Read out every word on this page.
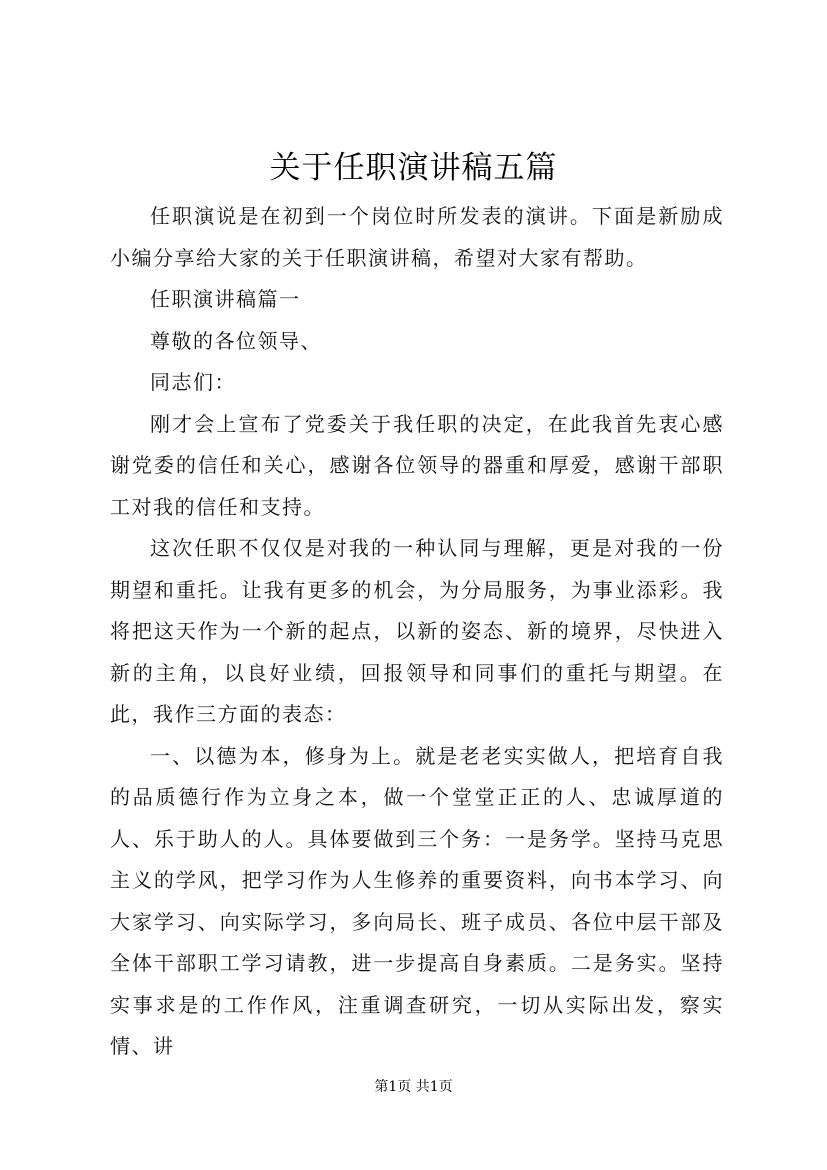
关于任职演讲稿五篇

任职演说是在初到一个岗位时所发表的演讲。下面是新励成小编分享给大家的关于任职演讲稿，希望对大家有帮助。

任职演讲稿篇一

尊敬的各位领导、

同志们：

刚才会上宣布了党委关于我任职的决定，在此我首先衷心感谢党委的信任和关心，感谢各位领导的器重和厚爱，感谢干部职工对我的信任和支持。

这次任职不仅仅是对我的一种认同与理解，更是对我的一份期望和重托。让我有更多的机会，为分局服务，为事业添彩。我将把这天作为一个新的起点，以新的姿态、新的境界，尽快进入新的主角，以良好业绩，回报领导和同事们的重托与期望。在此，我作三方面的表态：

一、以德为本，修身为上。就是老老实实做人，把培育自我的品质德行作为立身之本，做一个堂堂正正的人、忠诚厚道的人、乐于助人的人。具体要做到三个务：一是务学。坚持马克思主义的学风，把学习作为人生修养的重要资料，向书本学习、向大家学习、向实际学习，多向局长、班子成员、各位中层干部及全体干部职工学习请教，进一步提高自身素质。二是务实。坚持实事求是的工作作风，注重调查研究，一切从实际出发，察实情、讲

第1页 共1页
